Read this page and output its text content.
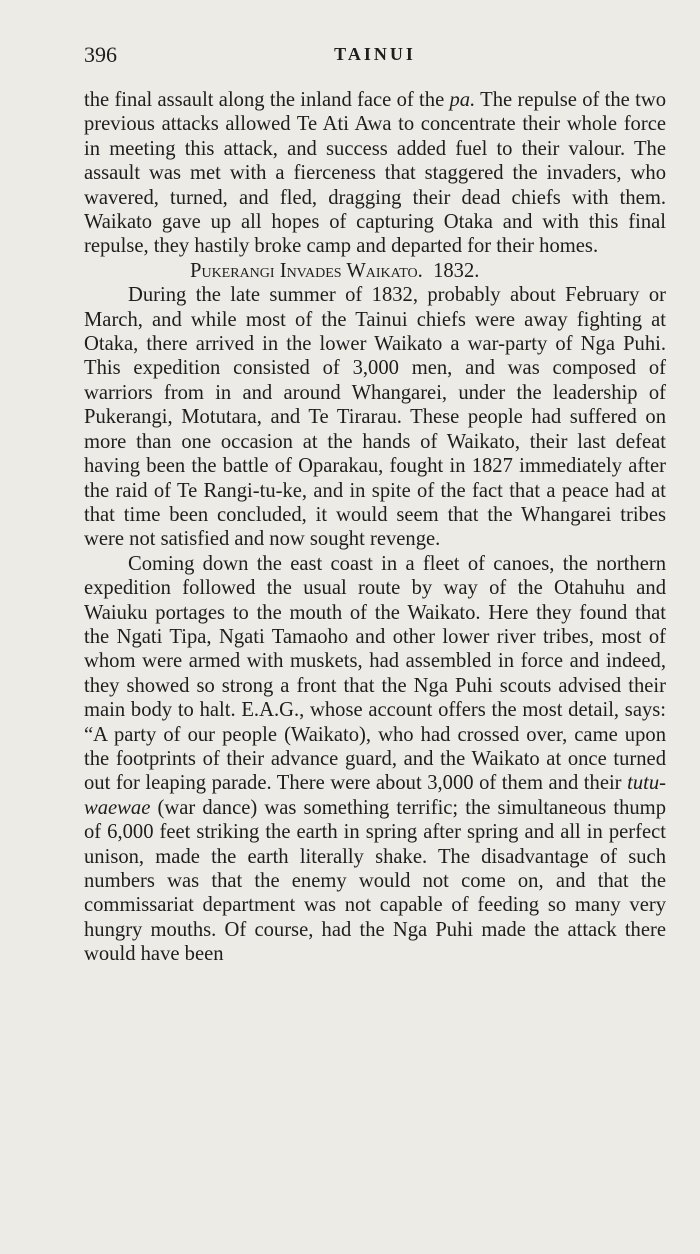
396	TAINUI

the final assault along the inland face of the pa. The repulse of the two previous attacks allowed Te Ati Awa to concentrate their whole force in meeting this attack, and success added fuel to their valour. The assault was met with a fierceness that staggered the invaders, who wavered, turned, and fled, dragging their dead chiefs with them. Waikato gave up all hopes of capturing Otaka and with this final repulse, they hastily broke camp and departed for their homes.

Pukerangi Invades Waikato. 1832.

During the late summer of 1832, probably about February or March, and while most of the Tainui chiefs were away fighting at Otaka, there arrived in the lower Waikato a war-party of Nga Puhi. This expedition consisted of 3,000 men, and was composed of warriors from in and around Whangarei, under the leadership of Pukerangi, Motutara, and Te Tirarau. These people had suffered on more than one occasion at the hands of Waikato, their last defeat having been the battle of Oparakau, fought in 1827 immediately after the raid of Te Rangi-tu-ke, and in spite of the fact that a peace had at that time been concluded, it would seem that the Whangarei tribes were not satisfied and now sought revenge.

Coming down the east coast in a fleet of canoes, the northern expedition followed the usual route by way of the Otahuhu and Waiuku portages to the mouth of the Waikato. Here they found that the Ngati Tipa, Ngati Tamaoho and other lower river tribes, most of whom were armed with muskets, had assembled in force and indeed, they showed so strong a front that the Nga Puhi scouts advised their main body to halt. E.A.G., whose account offers the most detail, says: “A party of our people (Waikato), who had crossed over, came upon the footprints of their advance guard, and the Waikato at once turned out for leaping parade. There were about 3,000 of them and their tutu-waewae (war dance) was something terrific; the simultaneous thump of 6,000 feet striking the earth in spring after spring and all in perfect unison, made the earth literally shake. The disadvantage of such numbers was that the enemy would not come on, and that the commissariat department was not capable of feeding so many very hungry mouths. Of course, had the Nga Puhi made the attack there would have been
